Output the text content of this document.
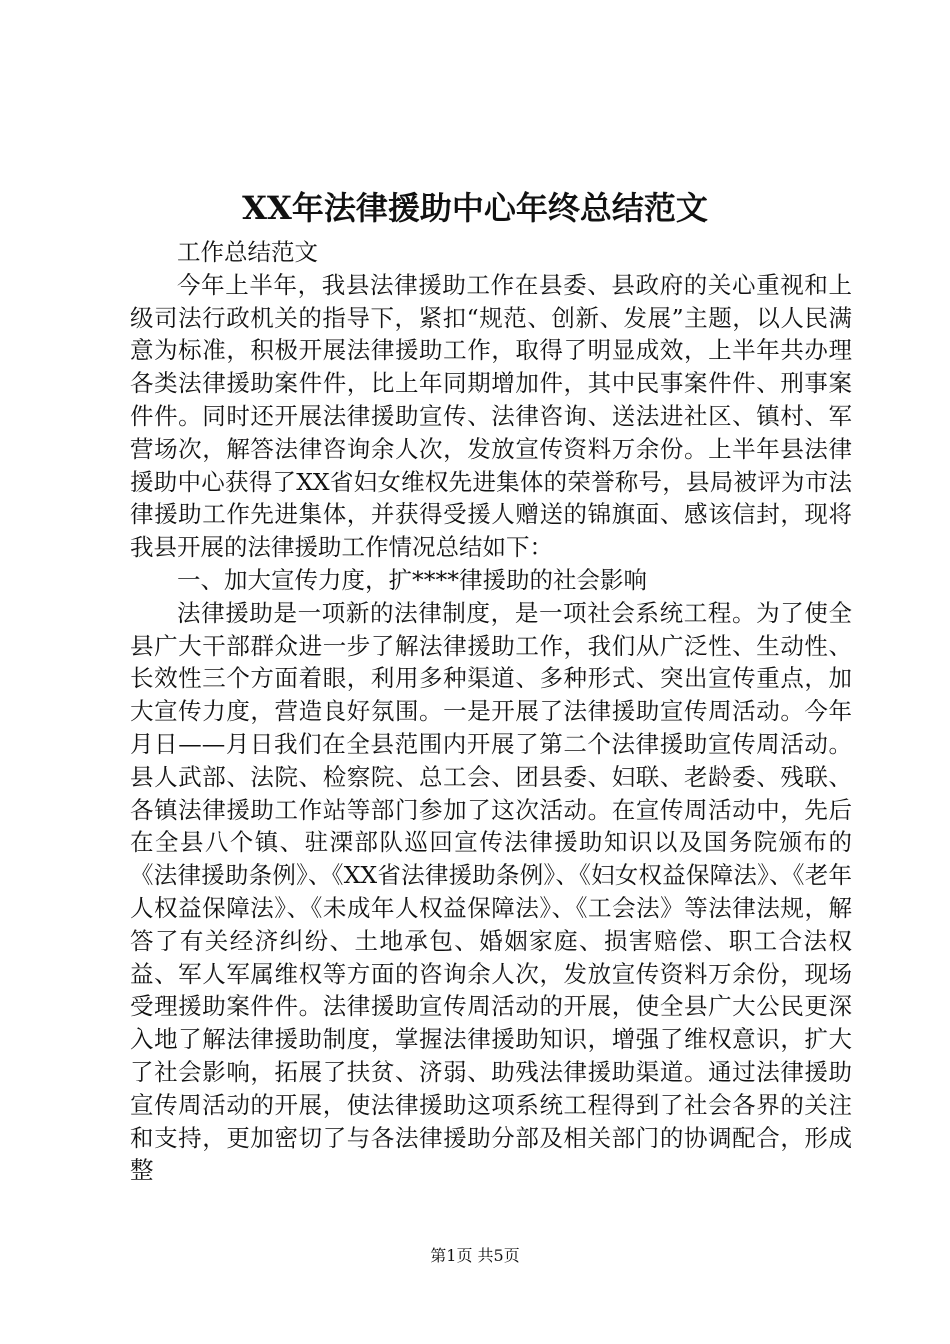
XX年法律援助中心年终总结范文

工作总结范文

今年上半年，我县法律援助工作在县委、县政府的关心重视和上级司法行政机关的指导下，紧扣“规范、创新、发展”主题，以人民满意为标准，积极开展法律援助工作，取得了明显成效，上半年共办理各类法律援助案件件，比上年同期增加件，其中民事案件件、刑事案件件。同时还开展法律援助宣传、法律咨询、送法进社区、镇村、军营场次，解答法律咨询余人次，发放宣传资料万余份。上半年县法律援助中心获得了XX省妇女维权先进集体的荣誉称号，县局被评为市法律援助工作先进集体，并获得受援人赠送的锦旗面、感该信封，现将我县开展的法律援助工作情况总结如下：

一、加大宣传力度，扩****律援助的社会影响

法律援助是一项新的法律制度，是一项社会系统工程。为了使全县广大干部群众进一步了解法律援助工作，我们从广泛性、生动性、长效性三个方面着眼，利用多种渠道、多种形式、突出宣传重点，加大宣传力度，营造良好氛围。一是开展了法律援助宣传周活动。今年月日——月日我们在全县范围内开展了第二个法律援助宣传周活动。县人武部、法院、检察院、总工会、团县委、妇联、老龄委、残联、各镇法律援助工作站等部门参加了这次活动。在宣传周活动中，先后在全县八个镇、驻溧部队巡回宣传法律援助知识以及国务院颁布的《法律援助条例》、《XX省法律援助条例》、《妇女权益保障法》、《老年人权益保障法》、《未成年人权益保障法》、《工会法》等法律法规，解答了有关经济纠纷、土地承包、婚姻家庭、损害赔偿、职工合法权益、军人军属维权等方面的咨询余人次，发放宣传资料万余份，现场受理援助案件件。法律援助宣传周活动的开展，使全县广大公民更深入地了解法律援助制度，掌握法律援助知识，增强了维权意识，扩大了社会影响，拓展了扶贫、济弱、助残法律援助渠道。通过法律援助宣传周活动的开展，使法律援助这项系统工程得到了社会各界的关注和支持，更加密切了与各法律援助分部及相关部门的协调配合，形成整

第1页 共5页
